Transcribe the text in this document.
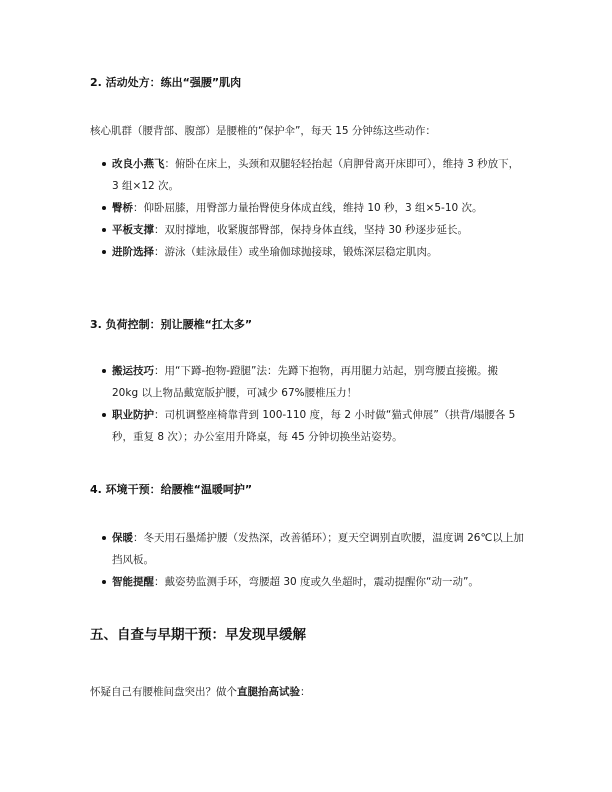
2. 活动处方：练出“强腰”肌肉

核心肌群（腰背部、腹部）是腰椎的“保护伞”，每天 15 分钟练这些动作：

改良小燕飞：俯卧在床上，头颈和双腿轻轻抬起（肩胛骨离开床即可），维持 3 秒放下，3 组×12 次。
臀桥：仰卧屈膝，用臀部力量抬臀使身体成直线，维持 10 秒，3 组×5-10 次。
平板支撑：双肘撑地，收紧腹部臀部，保持身体直线，坚持 30 秒逐步延长。
进阶选择：游泳（蛙泳最佳）或坐瑜伽球抛接球，锻炼深层稳定肌肉。
3. 负荷控制：别让腰椎“扛太多”
搬运技巧：用“下蹲-抱物-蹬腿”法：先蹲下抱物，再用腿力站起，别弯腰直接搬。搬 20kg 以上物品戴宽版护腰，可减少 67%腰椎压力！
职业防护：司机调整座椅靠背到 100-110 度，每 2 小时做“猫式伸展”（拱背/塌腰各 5 秒，重复 8 次）；办公室用升降桌，每 45 分钟切换坐站姿势。
4. 环境干预：给腰椎“温暖呵护”
保暖：冬天用石墨烯护腰（发热深，改善循环）；夏天空调别直吹腰，温度调 26℃以上加挡风板。
智能提醒：戴姿势监测手环，弯腰超 30 度或久坐超时，震动提醒你“动一动”。
五、自查与早期干预：早发现早缓解

怀疑自己有腰椎间盘突出？做个直腿抬高试验：
